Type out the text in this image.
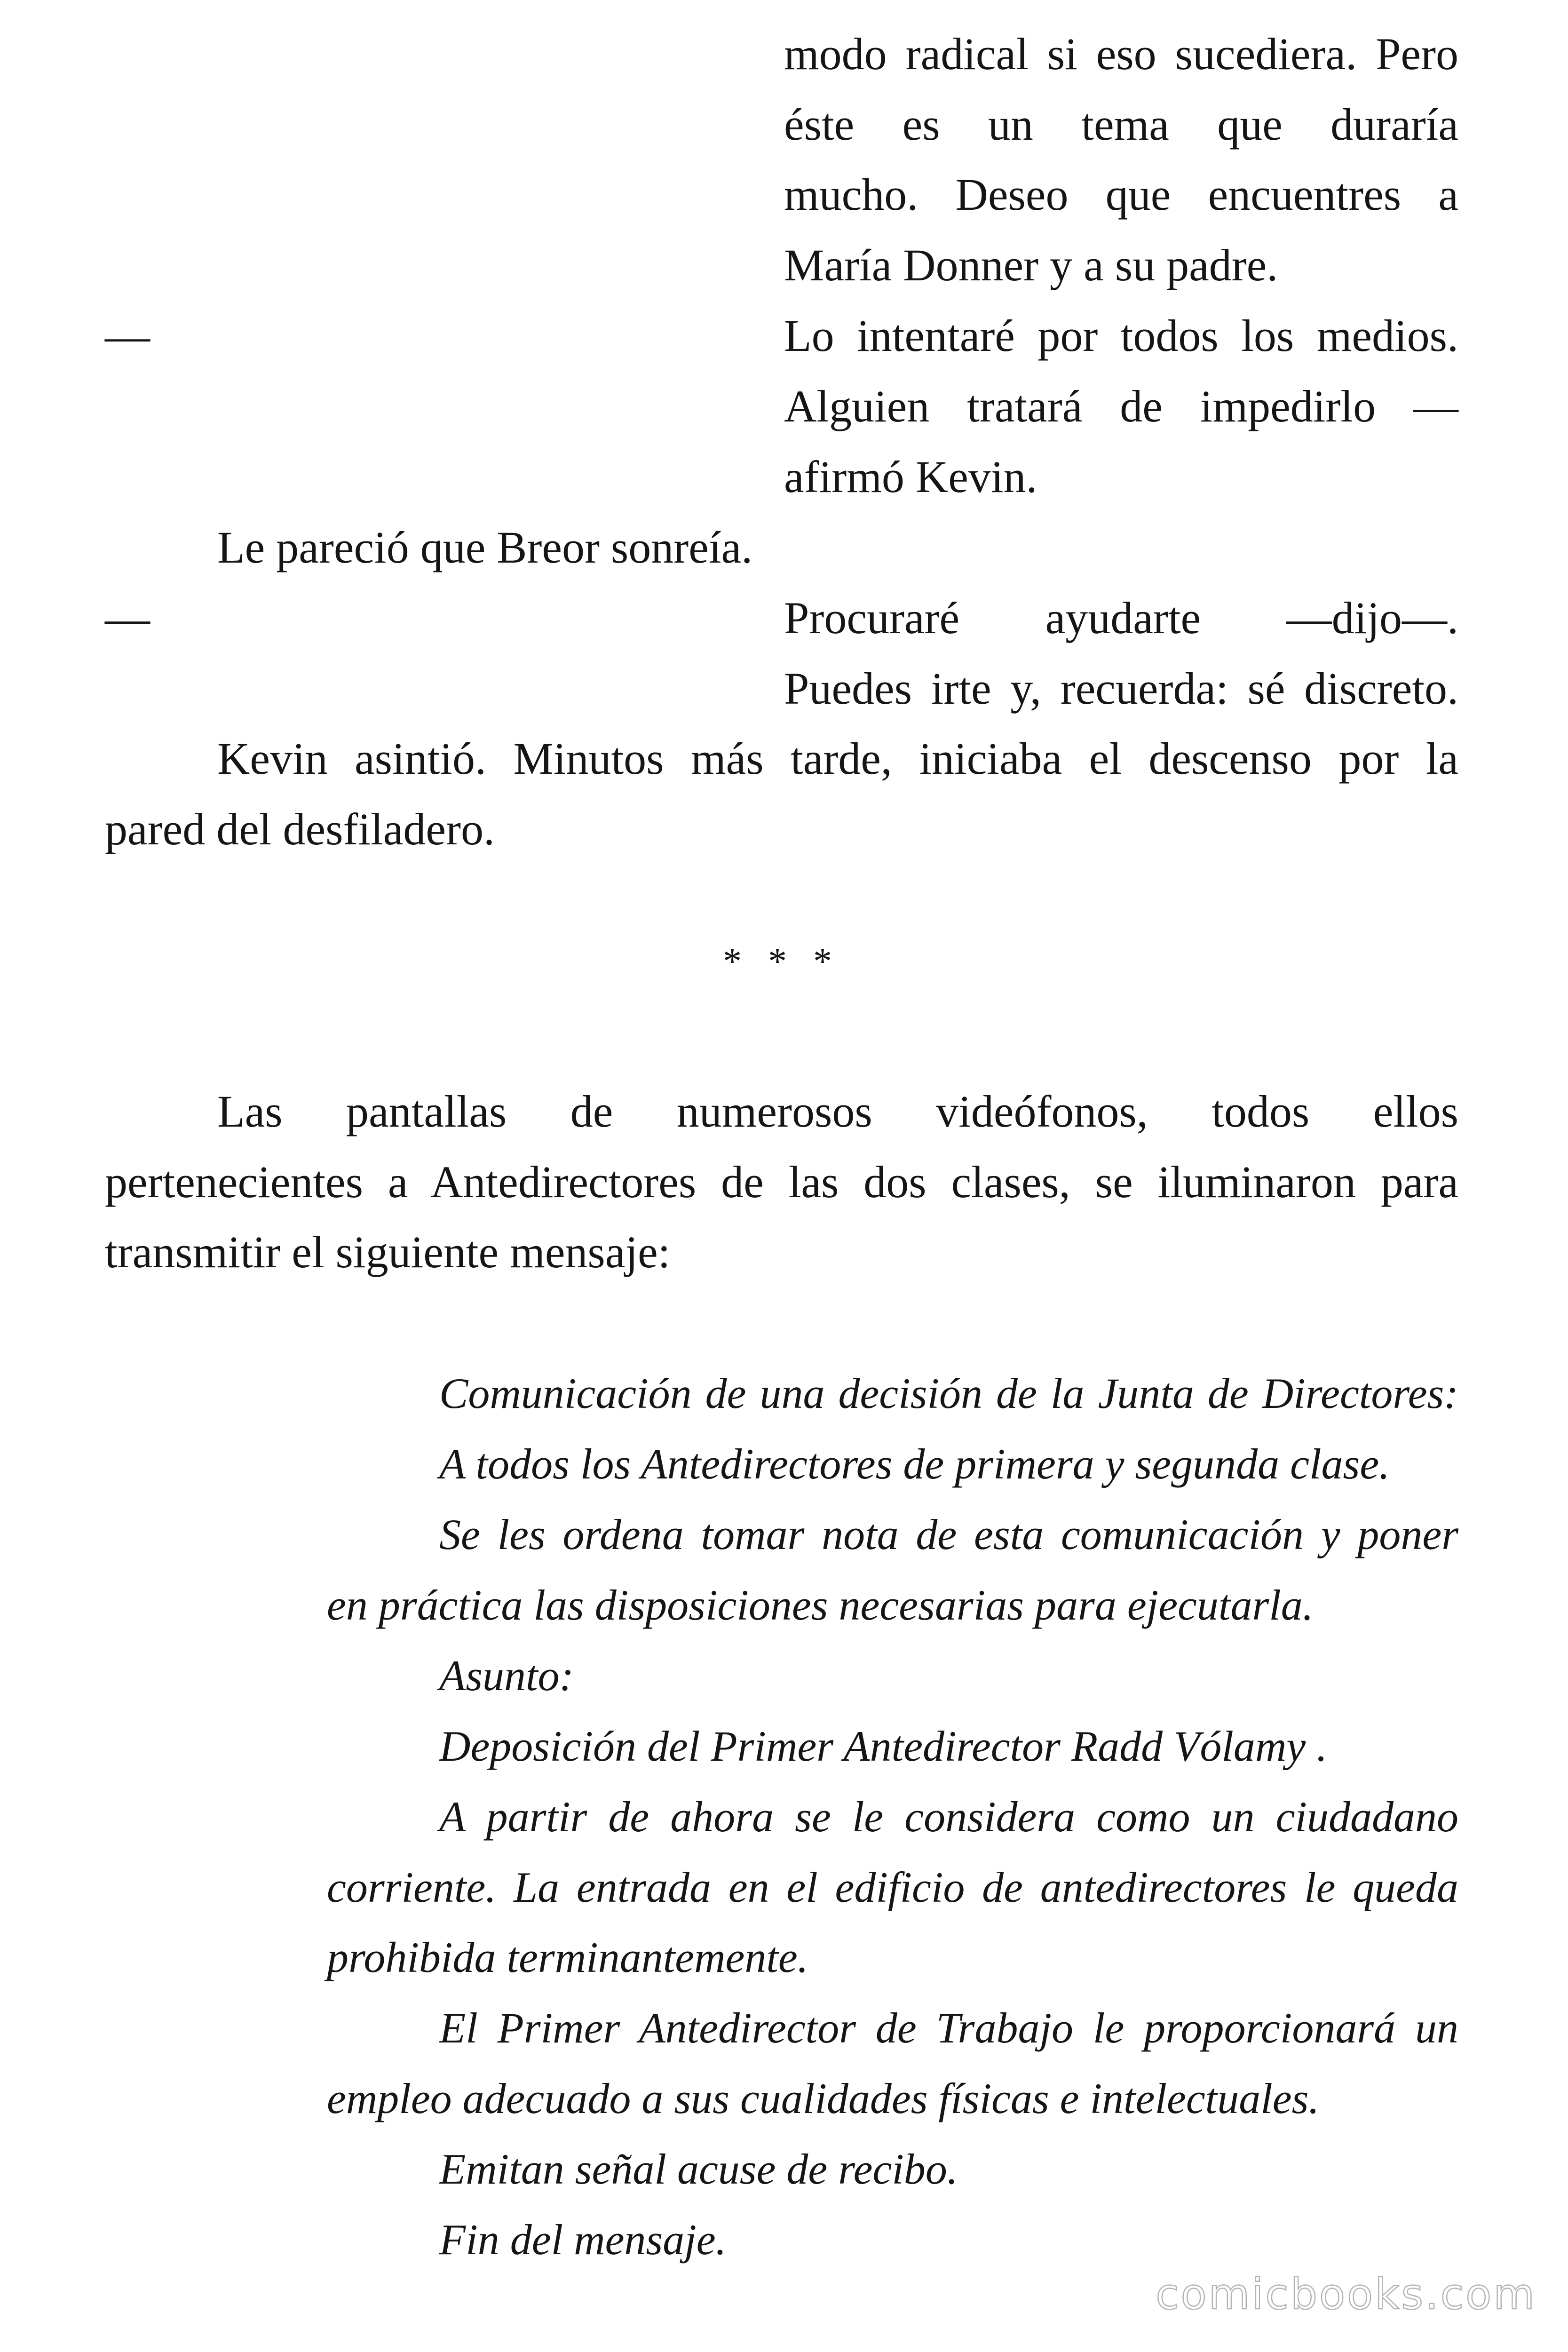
modo radical si eso sucediera. Pero
éste es un tema que duraría
mucho. Deseo que encuentres a
María Donner y a su padre.
—	Lo intentaré por todos los medios.
Alguien tratará de impedirlo —
afirmó Kevin.
Le pareció que Breor sonreía.
—	Procuraré ayudarte —dijo—.
Puedes irte y, recuerda: sé discreto.
Kevin asintió. Minutos más tarde, iniciaba el descenso por la
pared del desfiladero.
* * *
Las pantallas de numerosos videófonos, todos ellos
pertenecientes a Antedirectores de las dos clases, se iluminaron para
transmitir el siguiente mensaje:
Comunicación de una decisión de la Junta de Directores:
A todos los Antedirectores de primera y segunda clase.
Se les ordena tomar nota de esta comunicación y poner
en práctica las disposiciones necesarias para ejecutarla.
Asunto:
Deposición del Primer Antedirector Radd Vólamy .
A partir de ahora se le considera como un ciudadano
corriente. La entrada en el edificio de antedirectores le queda
prohibida terminantemente.
El Primer Antedirector de Trabajo le proporcionará un
empleo adecuado a sus cualidades físicas e intelectuales.
Emitan señal acuse de recibo.
Fin del mensaje.
comicbooks.com
